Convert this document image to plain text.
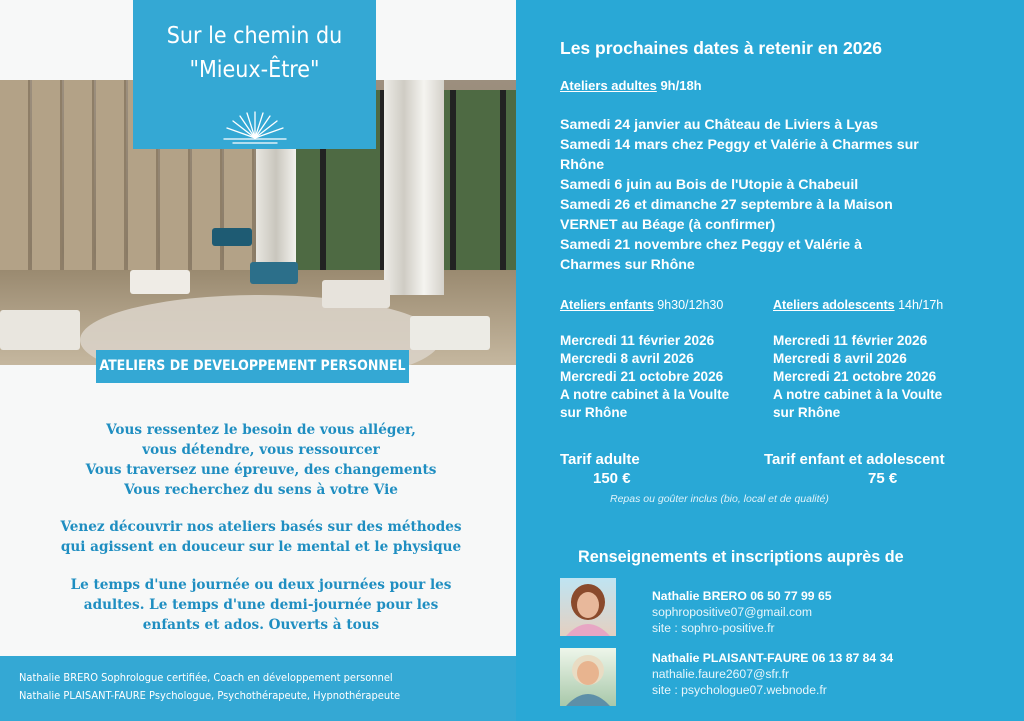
Sur le chemin du
"Mieux-Être"
ATELIERS DE DEVELOPPEMENT PERSONNEL
Vous ressentez le besoin de vous alléger,
vous détendre, vous ressourcer
Vous traversez une épreuve, des changements
Vous recherchez du sens à votre Vie
Venez découvrir nos ateliers basés sur des méthodes
qui agissent en douceur sur le mental et le physique
Le temps d'une journée ou deux journées pour les
adultes. Le temps d'une demi-journée pour les
enfants et ados. Ouverts à tous
Nathalie BRERO Sophrologue certifiée, Coach en développement personnel
Nathalie PLAISANT-FAURE Psychologue, Psychothérapeute, Hypnothérapeute
Les prochaines dates à retenir en 2026
Ateliers adultes 9h/18h
Samedi 24 janvier au Château de Liviers à Lyas
Samedi 14 mars chez Peggy et Valérie à Charmes sur
Rhône
Samedi 6 juin au Bois de l'Utopie à Chabeuil
Samedi 26 et dimanche 27 septembre à la Maison
VERNET au Béage (à confirmer)
Samedi 21 novembre chez Peggy et Valérie à
Charmes sur Rhône
Ateliers enfants 9h30/12h30	Ateliers adolescents 14h/17h
Mercredi 11 février 2026
Mercredi 8 avril 2026
Mercredi 21 octobre 2026
A notre cabinet à la Voulte
sur Rhône
Mercredi 11 février 2026
Mercredi 8 avril 2026
Mercredi 21 octobre 2026
A notre cabinet à la Voulte
sur Rhône
Tarif adulte
150 €
Tarif enfant et adolescent
75 €
Repas ou goûter inclus (bio, local et de qualité)
Renseignements et inscriptions auprès de
Nathalie BRERO 06 50 77 99 65
sophropositive07@gmail.com
site : sophro-positive.fr
Nathalie PLAISANT-FAURE 06 13 87 84 34
nathalie.faure2607@sfr.fr
site : psychologue07.webnode.fr
